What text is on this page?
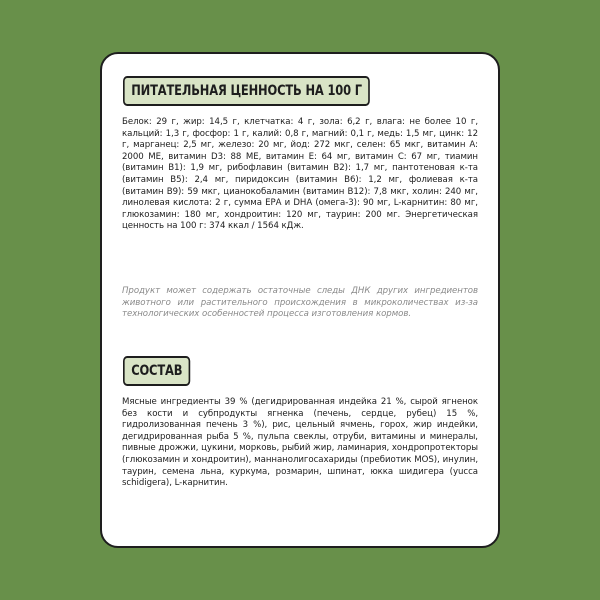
ПИТАТЕЛЬНАЯ ЦЕННОСТЬ НА 100 Г

Белок: 29 г, жир: 14,5 г, клетчатка: 4 г, зола: 6,2 г, влага: не более 10 г, кальций: 1,3 г, фосфор: 1 г, калий: 0,8 г, магний: 0,1 г, медь: 1,5 мг, цинк: 12 г, марганец: 2,5 мг, железо: 20 мг, йод: 272 мкг, селен: 65 мкг, витамин А: 2000 МЕ, витамин D3: 88 МЕ, витамин Е: 64 мг, витамин С: 67 мг, тиамин (витамин В1): 1,9 мг, рибофлавин (витамин В2): 1,7 мг, пантотеновая к-та (витамин В5): 2,4 мг, пиридоксин (витамин В6): 1,2 мг, фолиевая к-та (витамин В9): 59 мкг, цианокобаламин (витамин В12): 7,8 мкг, холин: 240 мг, линолевая кислота: 2 г, сумма ЕРА и DHA (омега-3): 90 мг, L-карнитин: 80 мг, глюкозамин: 180 мг, хондроитин: 120 мг, таурин: 200 мг. Энергетическая ценность на 100 г: 374 ккал / 1564 кДж.

Продукт может содержать остаточные следы ДНК других ингредиентов животного или растительного происхождения в микроколичествах из-за технологических особенностей процесса изготовления кормов.

СОСТАВ

Мясные ингредиенты 39 % (дегидрированная индейка 21 %, сырой ягненок без кости и субпродукты ягненка (печень, сердце, рубец) 15 %, гидролизованная печень 3 %), рис, цельный ячмень, горох, жир индейки, дегидрированная рыба 5 %, пульпа свеклы, отруби, витамины и минералы, пивные дрожжи, цукини, морковь, рыбий жир, ламинария, хондропротекторы (глюкозамин и хондроитин), маннанолигосахариды (пребиотик MOS), инулин, таурин, семена льна, куркума, розмарин, шпинат, юкка шидигера (yucca schidigera), L-карнитин.
